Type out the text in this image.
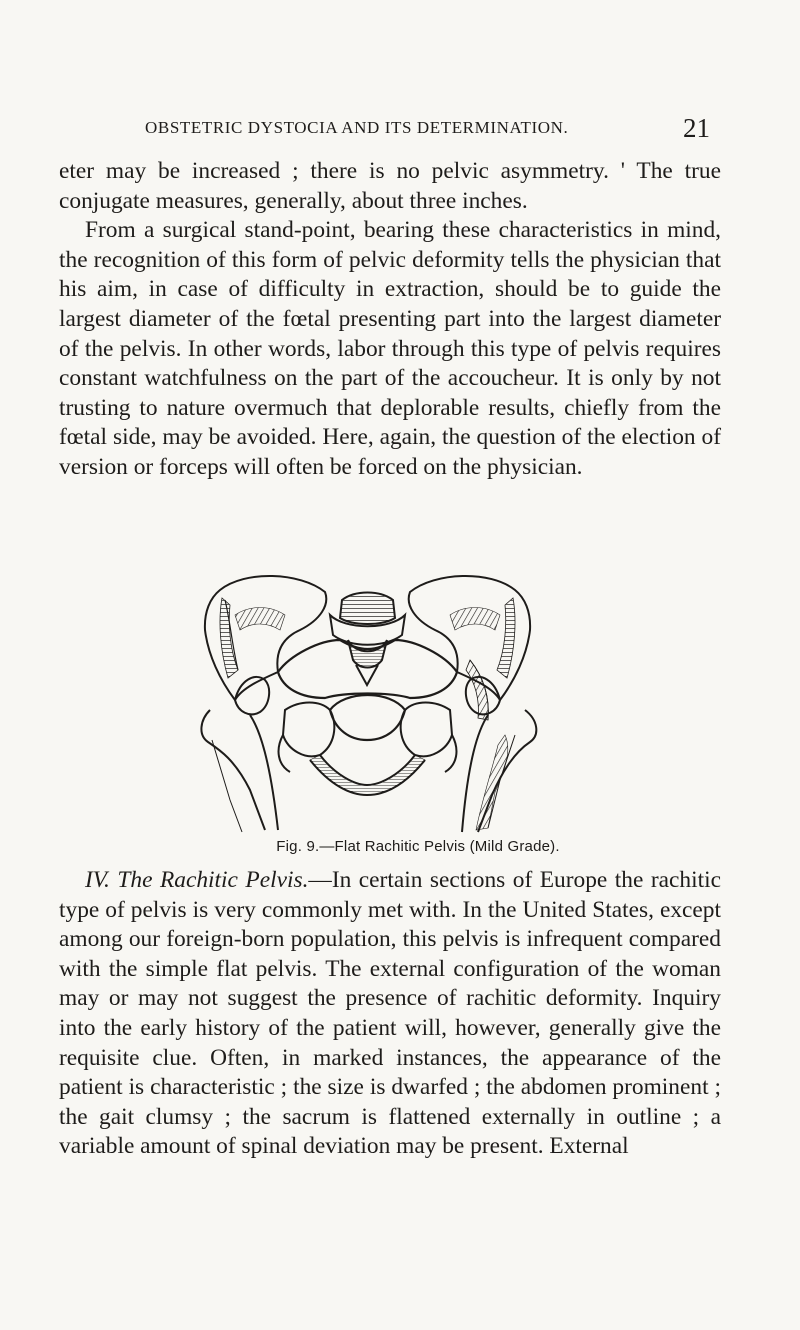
OBSTETRIC DYSTOCIA AND ITS DETERMINATION.	21

eter may be increased ; there is no pelvic asymmetry. ' The true conjugate measures, generally, about three inches.

From a surgical stand-point, bearing these characteristics in mind, the recognition of this form of pelvic deformity tells the physician that his aim, in case of difficulty in extraction, should be to guide the largest diameter of the fœtal presenting part into the largest diameter of the pelvis. In other words, labor through this type of pelvis requires constant watchfulness on the part of the accoucheur. It is only by not trusting to nature overmuch that deplorable results, chiefly from the fœtal side, may be avoided. Here, again, the question of the election of version or forceps will often be forced on the physician.

Fig. 9.—Flat Rachitic Pelvis (Mild Grade).

IV. The Rachitic Pelvis.—In certain sections of Europe the rachitic type of pelvis is very commonly met with. In the United States, except among our foreign-born population, this pelvis is infrequent compared with the simple flat pelvis. The external configuration of the woman may or may not suggest the presence of rachitic deformity. Inquiry into the early history of the patient will, however, generally give the requisite clue. Often, in marked instances, the appearance of the patient is characteristic ; the size is dwarfed ; the abdomen prominent ; the gait clumsy ; the sacrum is flattened externally in outline ; a variable amount of spinal deviation may be present. External
